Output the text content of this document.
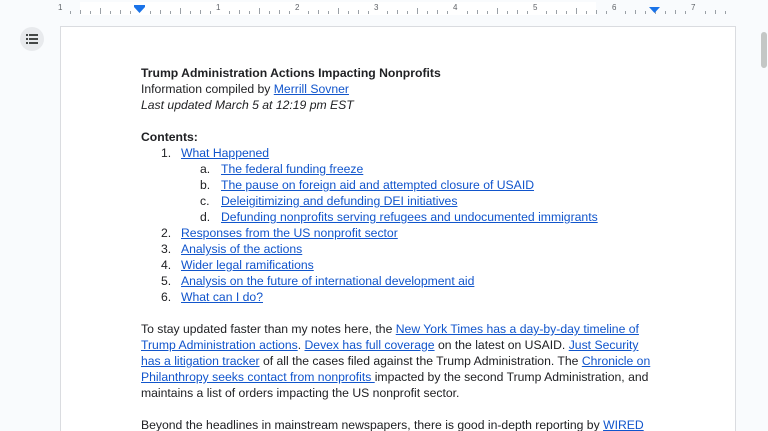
1	1	2	3	4	5	6	7

Trump Administration Actions Impacting Nonprofits

Information compiled by Merrill Sovner

Last updated March 5 at 12:19 pm EST

Contents:

1. What Happened
a. The federal funding freeze
b. The pause on foreign aid and attempted closure of USAID
c. Deleigitimizing and defunding DEI initiatives
d. Defunding nonprofits serving refugees and undocumented immigrants
2. Responses from the US nonprofit sector
3. Analysis of the actions
4. Wider legal ramifications
5. Analysis on the future of international development aid
6. What can I do?

To stay updated faster than my notes here, the New York Times has a day-by-day timeline of Trump Administration actions. Devex has full coverage on the latest on USAID. Just Security has a litigation tracker of all the cases filed against the Trump Administration. The Chronicle on Philanthropy seeks contact from nonprofits impacted by the second Trump Administration, and maintains a list of orders impacting the US nonprofit sector.

Beyond the headlines in mainstream newspapers, there is good in-depth reporting by WIRED
